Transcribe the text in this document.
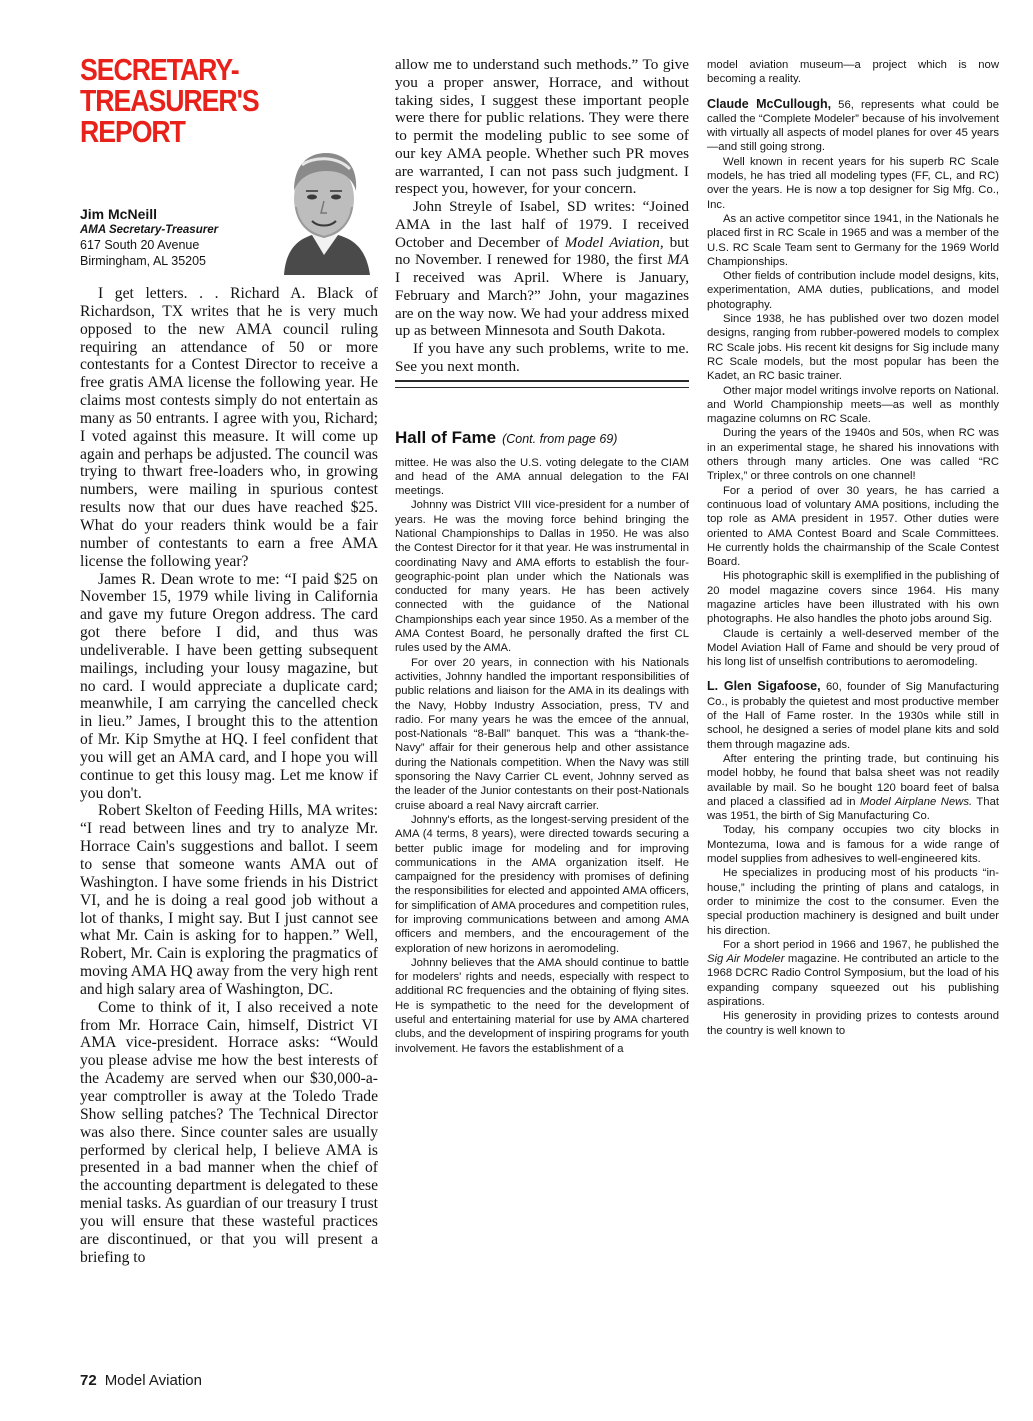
SECRETARY-TREASURER'S
REPORT
Jim McNeill
AMA Secretary-Treasurer
617 South 20 Avenue
Birmingham, AL 35205

I get letters. . . Richard A. Black of Richardson, TX writes that he is very much opposed to the new AMA council ruling requiring an attendance of 50 or more contestants for a Contest Director to receive a free gratis AMA license the following year. He claims most contests simply do not entertain as many as 50 entrants. I agree with you, Richard; I voted against this measure. It will come up again and perhaps be adjusted. The council was trying to thwart free-loaders who, in growing numbers, were mailing in spurious contest results now that our dues have reached $25. What do your readers think would be a fair number of contestants to earn a free AMA license the following year?

James R. Dean wrote to me: “I paid $25 on November 15, 1979 while living in California and gave my future Oregon address. The card got there before I did, and thus was undeliverable. I have been getting subsequent mailings, including your lousy magazine, but no card. I would appreciate a duplicate card; meanwhile, I am carrying the cancelled check in lieu.” James, I brought this to the attention of Mr. Kip Smythe at HQ. I feel confident that you will get an AMA card, and I hope you will continue to get this lousy mag. Let me know if you don't.

Robert Skelton of Feeding Hills, MA writes: “I read between lines and try to analyze Mr. Horrace Cain's suggestions and ballot. I seem to sense that someone wants AMA out of Washington. I have some friends in his District VI, and he is doing a real good job without a lot of thanks, I might say. But I just cannot see what Mr. Cain is asking for to happen.” Well, Robert, Mr. Cain is exploring the pragmatics of moving AMA HQ away from the very high rent and high salary area of Washington, DC.

Come to think of it, I also received a note from Mr. Horrace Cain, himself, District VI AMA vice-president. Horrace asks: “Would you please advise me how the best interests of the Academy are served when our $30,000-a-year comptroller is away at the Toledo Trade Show selling patches? The Technical Director was also there. Since counter sales are usually performed by clerical help, I believe AMA is presented in a bad manner when the chief of the accounting department is delegated to these menial tasks. As guardian of our treasury I trust you will ensure that these wasteful practices are discontinued, or that you will present a briefing to

allow me to understand such methods.” To give you a proper answer, Horrace, and without taking sides, I suggest these important people were there for public relations. They were there to permit the modeling public to see some of our key AMA people. Whether such PR moves are warranted, I can not pass such judgment. I respect you, however, for your concern.

John Streyle of Isabel, SD writes: “Joined AMA in the last half of 1979. I received October and December of Model Aviation, but no November. I renewed for 1980, the first MA I received was April. Where is January, February and March?” John, your magazines are on the way now. We had your address mixed up as between Minnesota and South Dakota.

If you have any such problems, write to me. See you next month.

Hall of Fame (Cont. from page 69)

mittee. He was also the U.S. voting delegate to the CIAM and head of the AMA annual delegation to the FAI meetings.

Johnny was District VIII vice-president for a number of years. He was the moving force behind bringing the National Championships to Dallas in 1950. He was also the Contest Director for it that year. He was instrumental in coordinating Navy and AMA efforts to establish the four-geographic-point plan under which the Nationals was conducted for many years. He has been actively connected with the guidance of the National Championships each year since 1950. As a member of the AMA Contest Board, he personally drafted the first CL rules used by the AMA.

For over 20 years, in connection with his Nationals activities, Johnny handled the important responsibilities of public relations and liaison for the AMA in its dealings with the Navy, Hobby Industry Association, press, TV and radio. For many years he was the emcee of the annual, post-Nationals “8-Ball” banquet. This was a “thank-the-Navy” affair for their generous help and other assistance during the Nationals competition. When the Navy was still sponsoring the Navy Carrier CL event, Johnny served as the leader of the Junior contestants on their post-Nationals cruise aboard a real Navy aircraft carrier.

Johnny's efforts, as the longest-serving president of the AMA (4 terms, 8 years), were directed towards securing a better public image for modeling and for improving communications in the AMA organization itself. He campaigned for the presidency with promises of defining the responsibilities for elected and appointed AMA officers, for simplification of AMA procedures and competition rules, for improving communications between and among AMA officers and members, and the encouragement of the exploration of new horizons in aeromodeling.

Johnny believes that the AMA should continue to battle for modelers' rights and needs, especially with respect to additional RC frequencies and the obtaining of flying sites. He is sympathetic to the need for the development of useful and entertaining material for use by AMA chartered clubs, and the development of inspiring programs for youth involvement. He favors the establishment of a

model aviation museum—a project which is now becoming a reality.

Claude McCullough, 56, represents what could be called the “Complete Modeler” because of his involvement with virtually all aspects of model planes for over 45 years—and still going strong.

Well known in recent years for his superb RC Scale models, he has tried all modeling types (FF, CL, and RC) over the years. He is now a top designer for Sig Mfg. Co., Inc.

As an active competitor since 1941, in the Nationals he placed first in RC Scale in 1965 and was a member of the U.S. RC Scale Team sent to Germany for the 1969 World Championships.

Other fields of contribution include model designs, kits, experimentation, AMA duties, publications, and model photography.

Since 1938, he has published over two dozen model designs, ranging from rubber-powered models to complex RC Scale jobs. His recent kit designs for Sig include many RC Scale models, but the most popular has been the Kadet, an RC basic trainer.

Other major model writings involve reports on National. and World Championship meets—as well as monthly magazine columns on RC Scale.

During the years of the 1940s and 50s, when RC was in an experimental stage, he shared his innovations with others through many articles. One was called “RC Triplex,” or three controls on one channel!

For a period of over 30 years, he has carried a continuous load of voluntary AMA positions, including the top role as AMA president in 1957. Other duties were oriented to AMA Contest Board and Scale Committees. He currently holds the chairmanship of the Scale Contest Board.

His photographic skill is exemplified in the publishing of 20 model magazine covers since 1964. His many magazine articles have been illustrated with his own photographs. He also handles the photo jobs around Sig.

Claude is certainly a well-deserved member of the Model Aviation Hall of Fame and should be very proud of his long list of unselfish contributions to aeromodeling.

L. Glen Sigafoose, 60, founder of Sig Manufacturing Co., is probably the quietest and most productive member of the Hall of Fame roster. In the 1930s while still in school, he designed a series of model plane kits and sold them through magazine ads.

After entering the printing trade, but continuing his model hobby, he found that balsa sheet was not readily available by mail. So he bought 120 board feet of balsa and placed a classified ad in Model Airplane News. That was 1951, the birth of Sig Manufacturing Co.

Today, his company occupies two city blocks in Montezuma, Iowa and is famous for a wide range of model supplies from adhesives to well-engineered kits.

He specializes in producing most of his products “in-house,” including the printing of plans and catalogs, in order to minimize the cost to the consumer. Even the special production machinery is designed and built under his direction.

For a short period in 1966 and 1967, he published the Sig Air Modeler magazine. He contributed an article to the 1968 DCRC Radio Control Symposium, but the load of his expanding company squeezed out his publishing aspirations.

His generosity in providing prizes to contests around the country is well known to

72 Model Aviation
